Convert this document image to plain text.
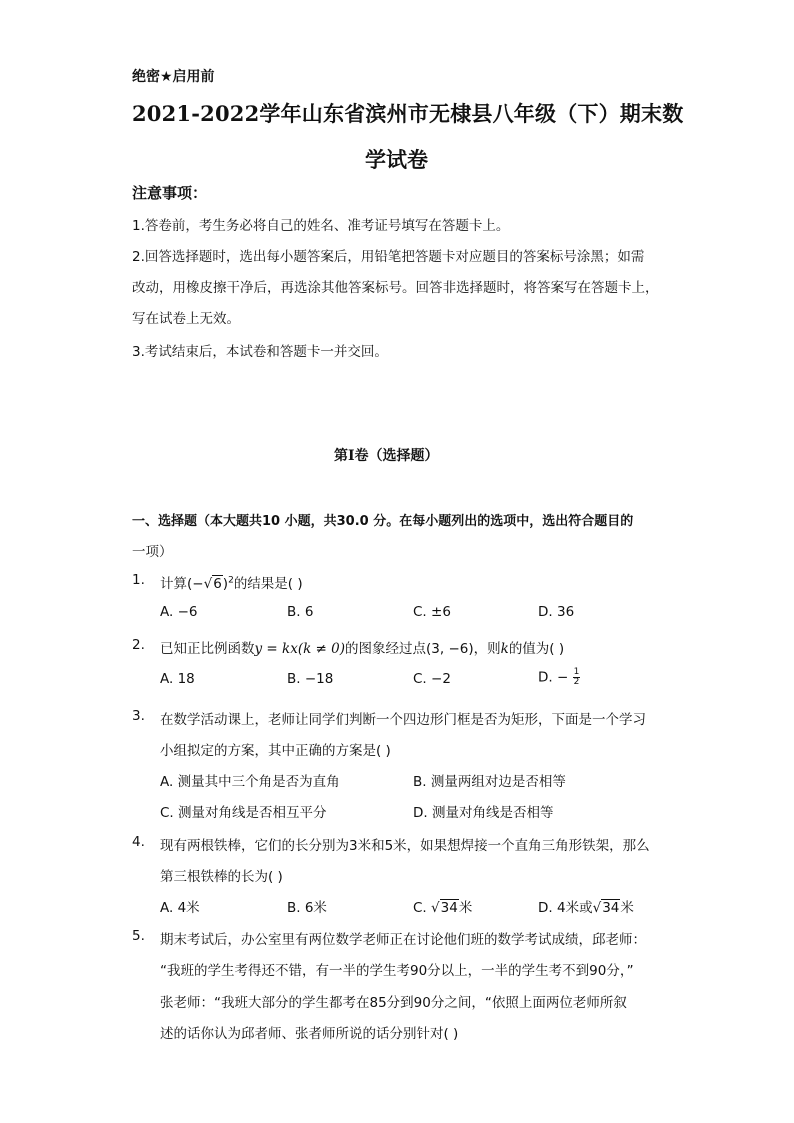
绝密★启用前
2021-2022学年山东省滨州市无棣县八年级（下）期末数
学试卷
注意事项：
1.答卷前，考生务必将自己的姓名、准考证号填写在答题卡上。
2.回答选择题时，选出每小题答案后，用铅笔把答题卡对应题目的答案标号涂黑；如需
改动，用橡皮擦干净后，再选涂其他答案标号。回答非选择题时，将答案写在答题卡上，
写在试卷上无效。
3.考试结束后，本试卷和答题卡一并交回。
第I卷（选择题）
一、选择题（本大题共10 小题，共30.0 分。在每小题列出的选项中，选出符合题目的
一项）
1. 计算$(-√6)^2$的结果是( )
A. −6	B. 6	C. ±6	D. 36
2. 已知正比例函数y = kx(k ≠ 0)的图象经过点(3, −6)，则k的值为( )
A. 18	B. −18	C. −2	D. − $\frac{1}{2}$
3. 在数学活动课上，老师让同学们判断一个四边形门框是否为矩形，下面是一个学习
小组拟定的方案，其中正确的方案是( )
A. 测量其中三个角是否为直角	B. 测量两组对边是否相等
C. 测量对角线是否相互平分	D. 测量对角线是否相等
4. 现有两根铁棒，它们的长分别为3米和5米，如果想焊接一个直角三角形铁架，那么
第三根铁棒的长为( )
A. 4米	B. 6米	C. √34米	D. 4米或√34米
5. 期末考试后，办公室里有两位数学老师正在讨论他们班的数学考试成绩，邱老师：
“我班的学生考得还不错，有一半的学生考90分以上，一半的学生考不到90分，”
张老师：“我班大部分的学生都考在85分到90分之间，“依照上面两位老师所叙
述的话你认为邱者师、张者师所说的话分别针对( )
